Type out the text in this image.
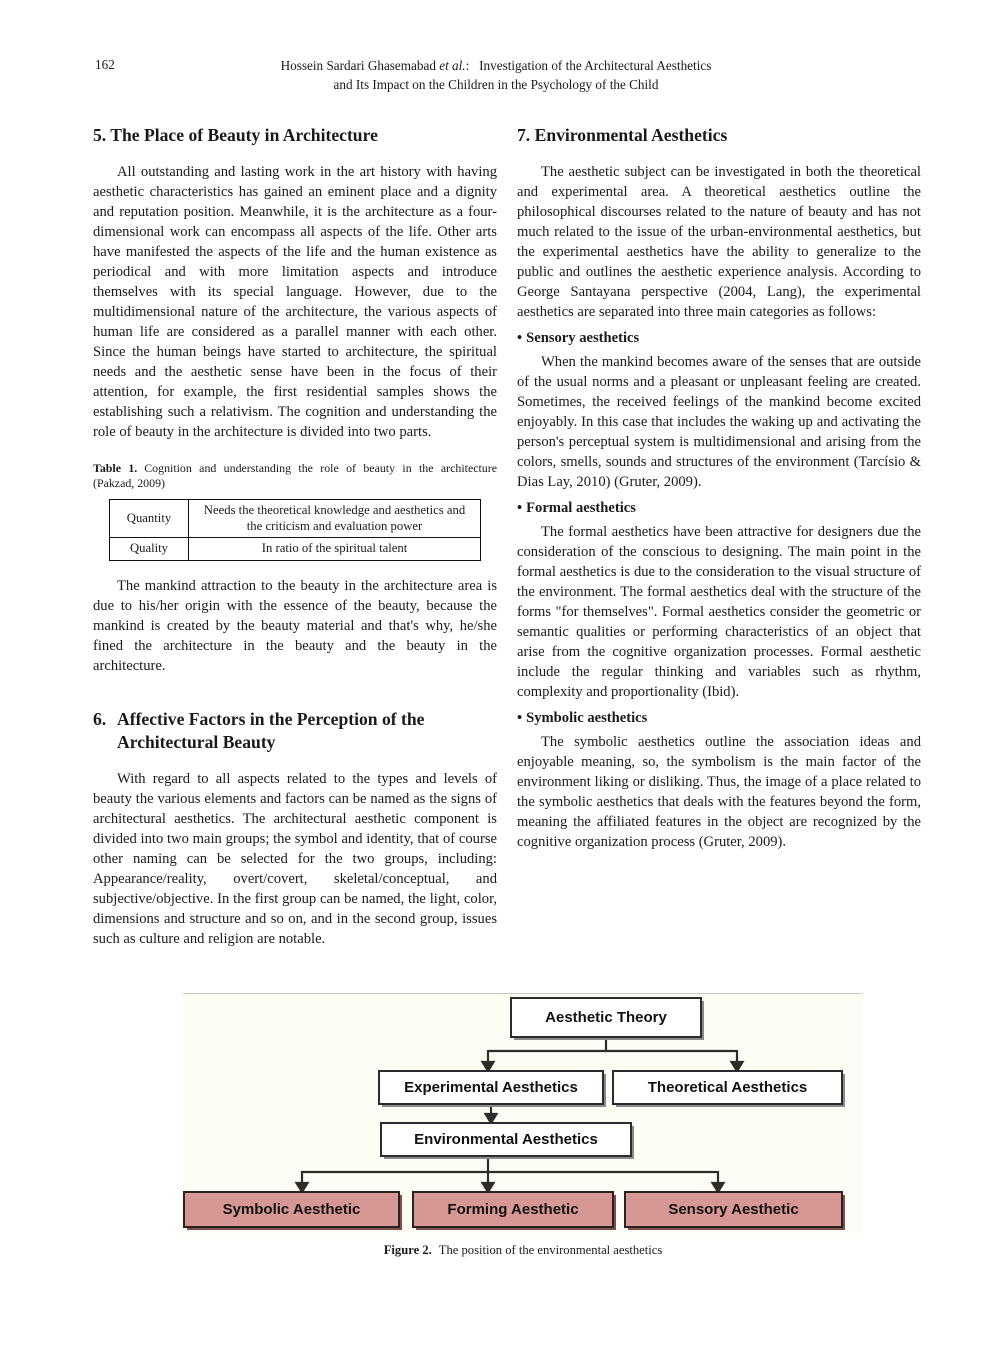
162	Hossein Sardari Ghasemabad et al.:   Investigation of the Architectural Aesthetics
and Its Impact on the Children in the Psychology of the Child
5. The Place of Beauty in Architecture

All outstanding and lasting work in the art history with having aesthetic characteristics has gained an eminent place and a dignity and reputation position. Meanwhile, it is the architecture as a four-dimensional work can encompass all aspects of the life. Other arts have manifested the aspects of the life and the human existence as periodical and with more limitation aspects and introduce themselves with its special language. However, due to the multidimensional nature of the architecture, the various aspects of human life are considered as a parallel manner with each other. Since the human beings have started to architecture, the spiritual needs and the aesthetic sense have been in the focus of their attention, for example, the first residential samples shows the establishing such a relativism. The cognition and understanding the role of beauty in the architecture is divided into two parts.

Table 1. Cognition and understanding the role of beauty in the architecture (Pakzad, 2009)
Quantity	Needs the theoretical knowledge and aesthetics and the criticism and evaluation power
Quality	In ratio of the spiritual talent

The mankind attraction to the beauty in the architecture area is due to his/her origin with the essence of the beauty, because the mankind is created by the beauty material and that's why, he/she fined the architecture in the beauty and the beauty in the architecture.

6. Affective Factors in the Perception of the Architectural Beauty

With regard to all aspects related to the types and levels of beauty the various elements and factors can be named as the signs of architectural aesthetics. The architectural aesthetic component is divided into two main groups; the symbol and identity, that of course other naming can be selected for the two groups, including: Appearance/reality, overt/covert, skeletal/conceptual, and subjective/objective. In the first group can be named, the light, color, dimensions and structure and so on, and in the second group, issues such as culture and religion are notable.

7. Environmental Aesthetics

The aesthetic subject can be investigated in both the theoretical and experimental area. A theoretical aesthetics outline the philosophical discourses related to the nature of beauty and has not much related to the issue of the urban-environmental aesthetics, but the experimental aesthetics have the ability to generalize to the public and outlines the aesthetic experience analysis. According to George Santayana perspective (2004, Lang), the experimental aesthetics are separated into three main categories as follows:

• Sensory aesthetics

When the mankind becomes aware of the senses that are outside of the usual norms and a pleasant or unpleasant feeling are created. Sometimes, the received feelings of the mankind become excited enjoyably. In this case that includes the waking up and activating the person's perceptual system is multidimensional and arising from the colors, smells, sounds and structures of the environment (Tarcísio & Dias Lay, 2010) (Gruter, 2009).

• Formal aesthetics

The formal aesthetics have been attractive for designers due the consideration of the conscious to designing. The main point in the formal aesthetics is due to the consideration to the visual structure of the environment. The formal aesthetics deal with the structure of the forms "for themselves". Formal aesthetics consider the geometric or semantic qualities or performing characteristics of an object that arise from the cognitive organization processes. Formal aesthetic include the regular thinking and variables such as rhythm, complexity and proportionality (Ibid).

• Symbolic aesthetics

The symbolic aesthetics outline the association ideas and enjoyable meaning, so, the symbolism is the main factor of the environment liking or disliking. Thus, the image of a place related to the symbolic aesthetics that deals with the features beyond the form, meaning the affiliated features in the object are recognized by the cognitive organization process (Gruter, 2009).

Aesthetic Theory
Experimental Aesthetics	Theoretical Aesthetics
Environmental Aesthetics
Symbolic Aesthetic	Forming Aesthetic	Sensory Aesthetic
Figure 2. The position of the environmental aesthetics
